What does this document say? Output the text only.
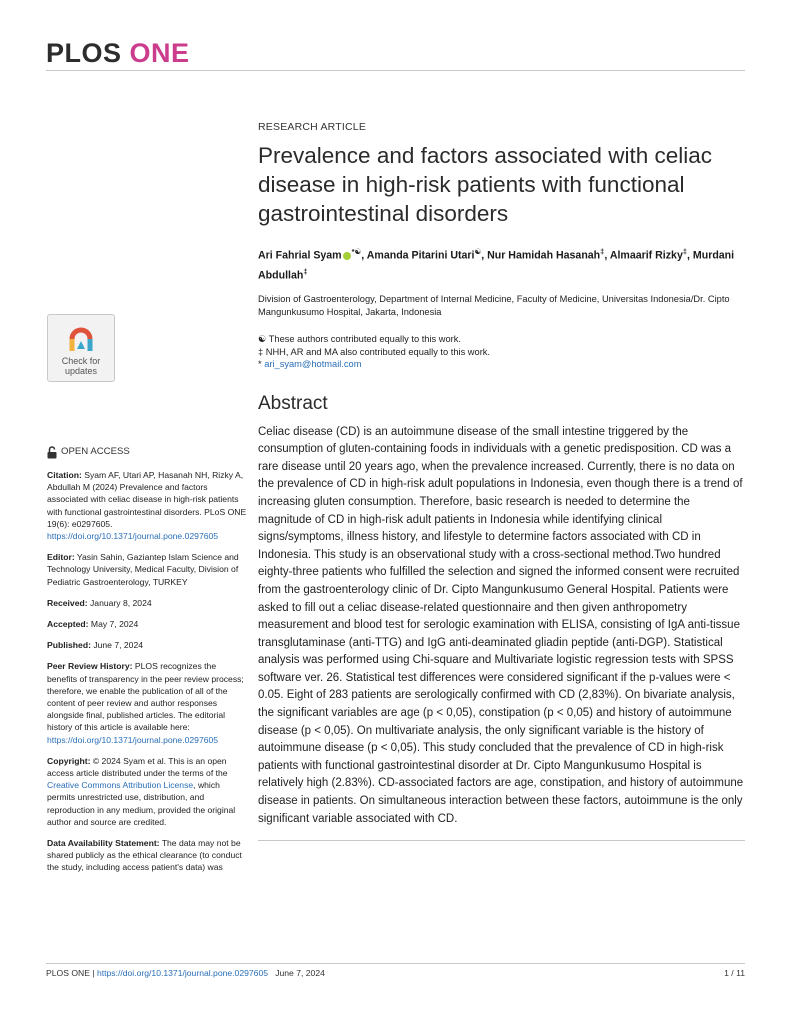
PLOS ONE
RESEARCH ARTICLE
Prevalence and factors associated with celiac disease in high-risk patients with functional gastrointestinal disorders
Ari Fahrial Syam *☯, Amanda Pitarini Utari☯, Nur Hamidah Hasanah‡, Almaarif Rizky‡, Murdani Abdullah‡
Division of Gastroenterology, Department of Internal Medicine, Faculty of Medicine, Universitas Indonesia/Dr. Cipto Mangunkusumo Hospital, Jakarta, Indonesia
☯ These authors contributed equally to this work.
‡ NHH, AR and MA also contributed equally to this work.
* ari_syam@hotmail.com
Abstract
Celiac disease (CD) is an autoimmune disease of the small intestine triggered by the consumption of gluten-containing foods in individuals with a genetic predisposition. CD was a rare disease until 20 years ago, when the prevalence increased. Currently, there is no data on the prevalence of CD in high-risk adult populations in Indonesia, even though there is a trend of increasing gluten consumption. Therefore, basic research is needed to determine the magnitude of CD in high-risk adult patients in Indonesia while identifying clinical signs/symptoms, illness history, and lifestyle to determine factors associated with CD in Indonesia. This study is an observational study with a cross-sectional method.Two hundred eighty-three patients who fulfilled the selection and signed the informed consent were recruited from the gastroenterology clinic of Dr. Cipto Mangunkusumo General Hospital. Patients were asked to fill out a celiac disease-related questionnaire and then given anthropometry measurement and blood test for serologic examination with ELISA, consisting of IgA anti-tissue transglutaminase (anti-TTG) and IgG anti-deaminated gliadin peptide (anti-DGP). Statistical analysis was performed using Chi-square and Multivariate logistic regression tests with SPSS software ver. 26. Statistical test differences were considered significant if the p-values were < 0.05. Eight of 283 patients are serologically confirmed with CD (2,83%). On bivariate analysis, the significant variables are age (p < 0,05), constipation (p < 0,05) and history of autoimmune disease (p < 0,05). On multivariate analysis, the only significant variable is the history of autoimmune disease (p < 0,05). This study concluded that the prevalence of CD in high-risk patients with functional gastrointestinal disorder at Dr. Cipto Mangunkusumo Hospital is relatively high (2.83%). CD-associated factors are age, constipation, and history of autoimmune disease in patients. On simultaneous interaction between these factors, autoimmune is the only significant variable associated with CD.
Check for
updates
OPEN ACCESS

Citation: Syam AF, Utari AP, Hasanah NH, Rizky A, Abdullah M (2024) Prevalence and factors associated with celiac disease in high-risk patients with functional gastrointestinal disorders. PLoS ONE 19(6): e0297605. https://doi.org/10.1371/journal.pone.0297605

Editor: Yasin Sahin, Gaziantep Islam Science and Technology University, Medical Faculty, Division of Pediatric Gastroenterology, TURKEY

Received: January 8, 2024

Accepted: May 7, 2024

Published: June 7, 2024

Peer Review History: PLOS recognizes the benefits of transparency in the peer review process; therefore, we enable the publication of all of the content of peer review and author responses alongside final, published articles. The editorial history of this article is available here: https://doi.org/10.1371/journal.pone.0297605

Copyright: © 2024 Syam et al. This is an open access article distributed under the terms of the Creative Commons Attribution License, which permits unrestricted use, distribution, and reproduction in any medium, provided the original author and source are credited.

Data Availability Statement: The data may not be shared publicly as the ethical clearance (to conduct the study, including access patient's data) was

PLOS ONE | https://doi.org/10.1371/journal.pone.0297605 June 7, 2024	1 / 11
